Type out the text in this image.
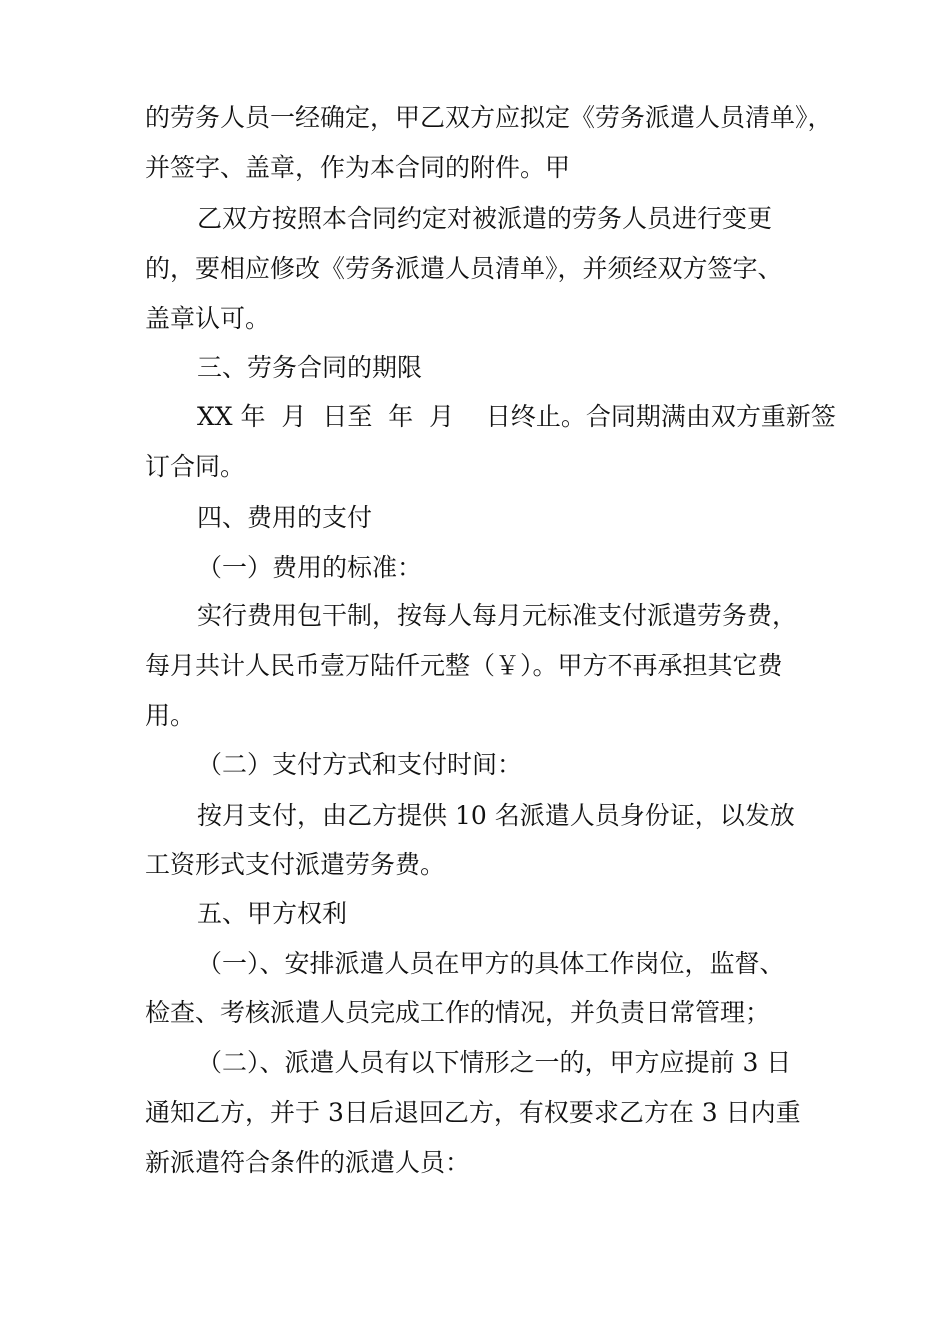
的劳务人员一经确定，甲乙双方应拟定《劳务派遣人员清单》，
并签字、盖章，作为本合同的附件。甲
乙双方按照本合同约定对被派遣的劳务人员进行变更
的，要相应修改《劳务派遣人员清单》，并须经双方签字、
盖章认可。
三、劳务合同的期限
XX 年  月  日至  年  月    日终止。合同期满由双方重新签
订合同。
四、费用的支付
（一）费用的标准：
实行费用包干制，按每人每月元标准支付派遣劳务费，
每月共计人民币壹万陆仟元整（￥）。甲方不再承担其它费
用。
（二）支付方式和支付时间：
按月支付，由乙方提供 10 名派遣人员身份证，以发放
工资形式支付派遣劳务费。
五、甲方权利
（一）、安排派遣人员在甲方的具体工作岗位，监督、
检查、考核派遣人员完成工作的情况，并负责日常管理；
（二）、派遣人员有以下情形之一的，甲方应提前 3 日
通知乙方，并于 3日后退回乙方，有权要求乙方在 3 日内重
新派遣符合条件的派遣人员：
